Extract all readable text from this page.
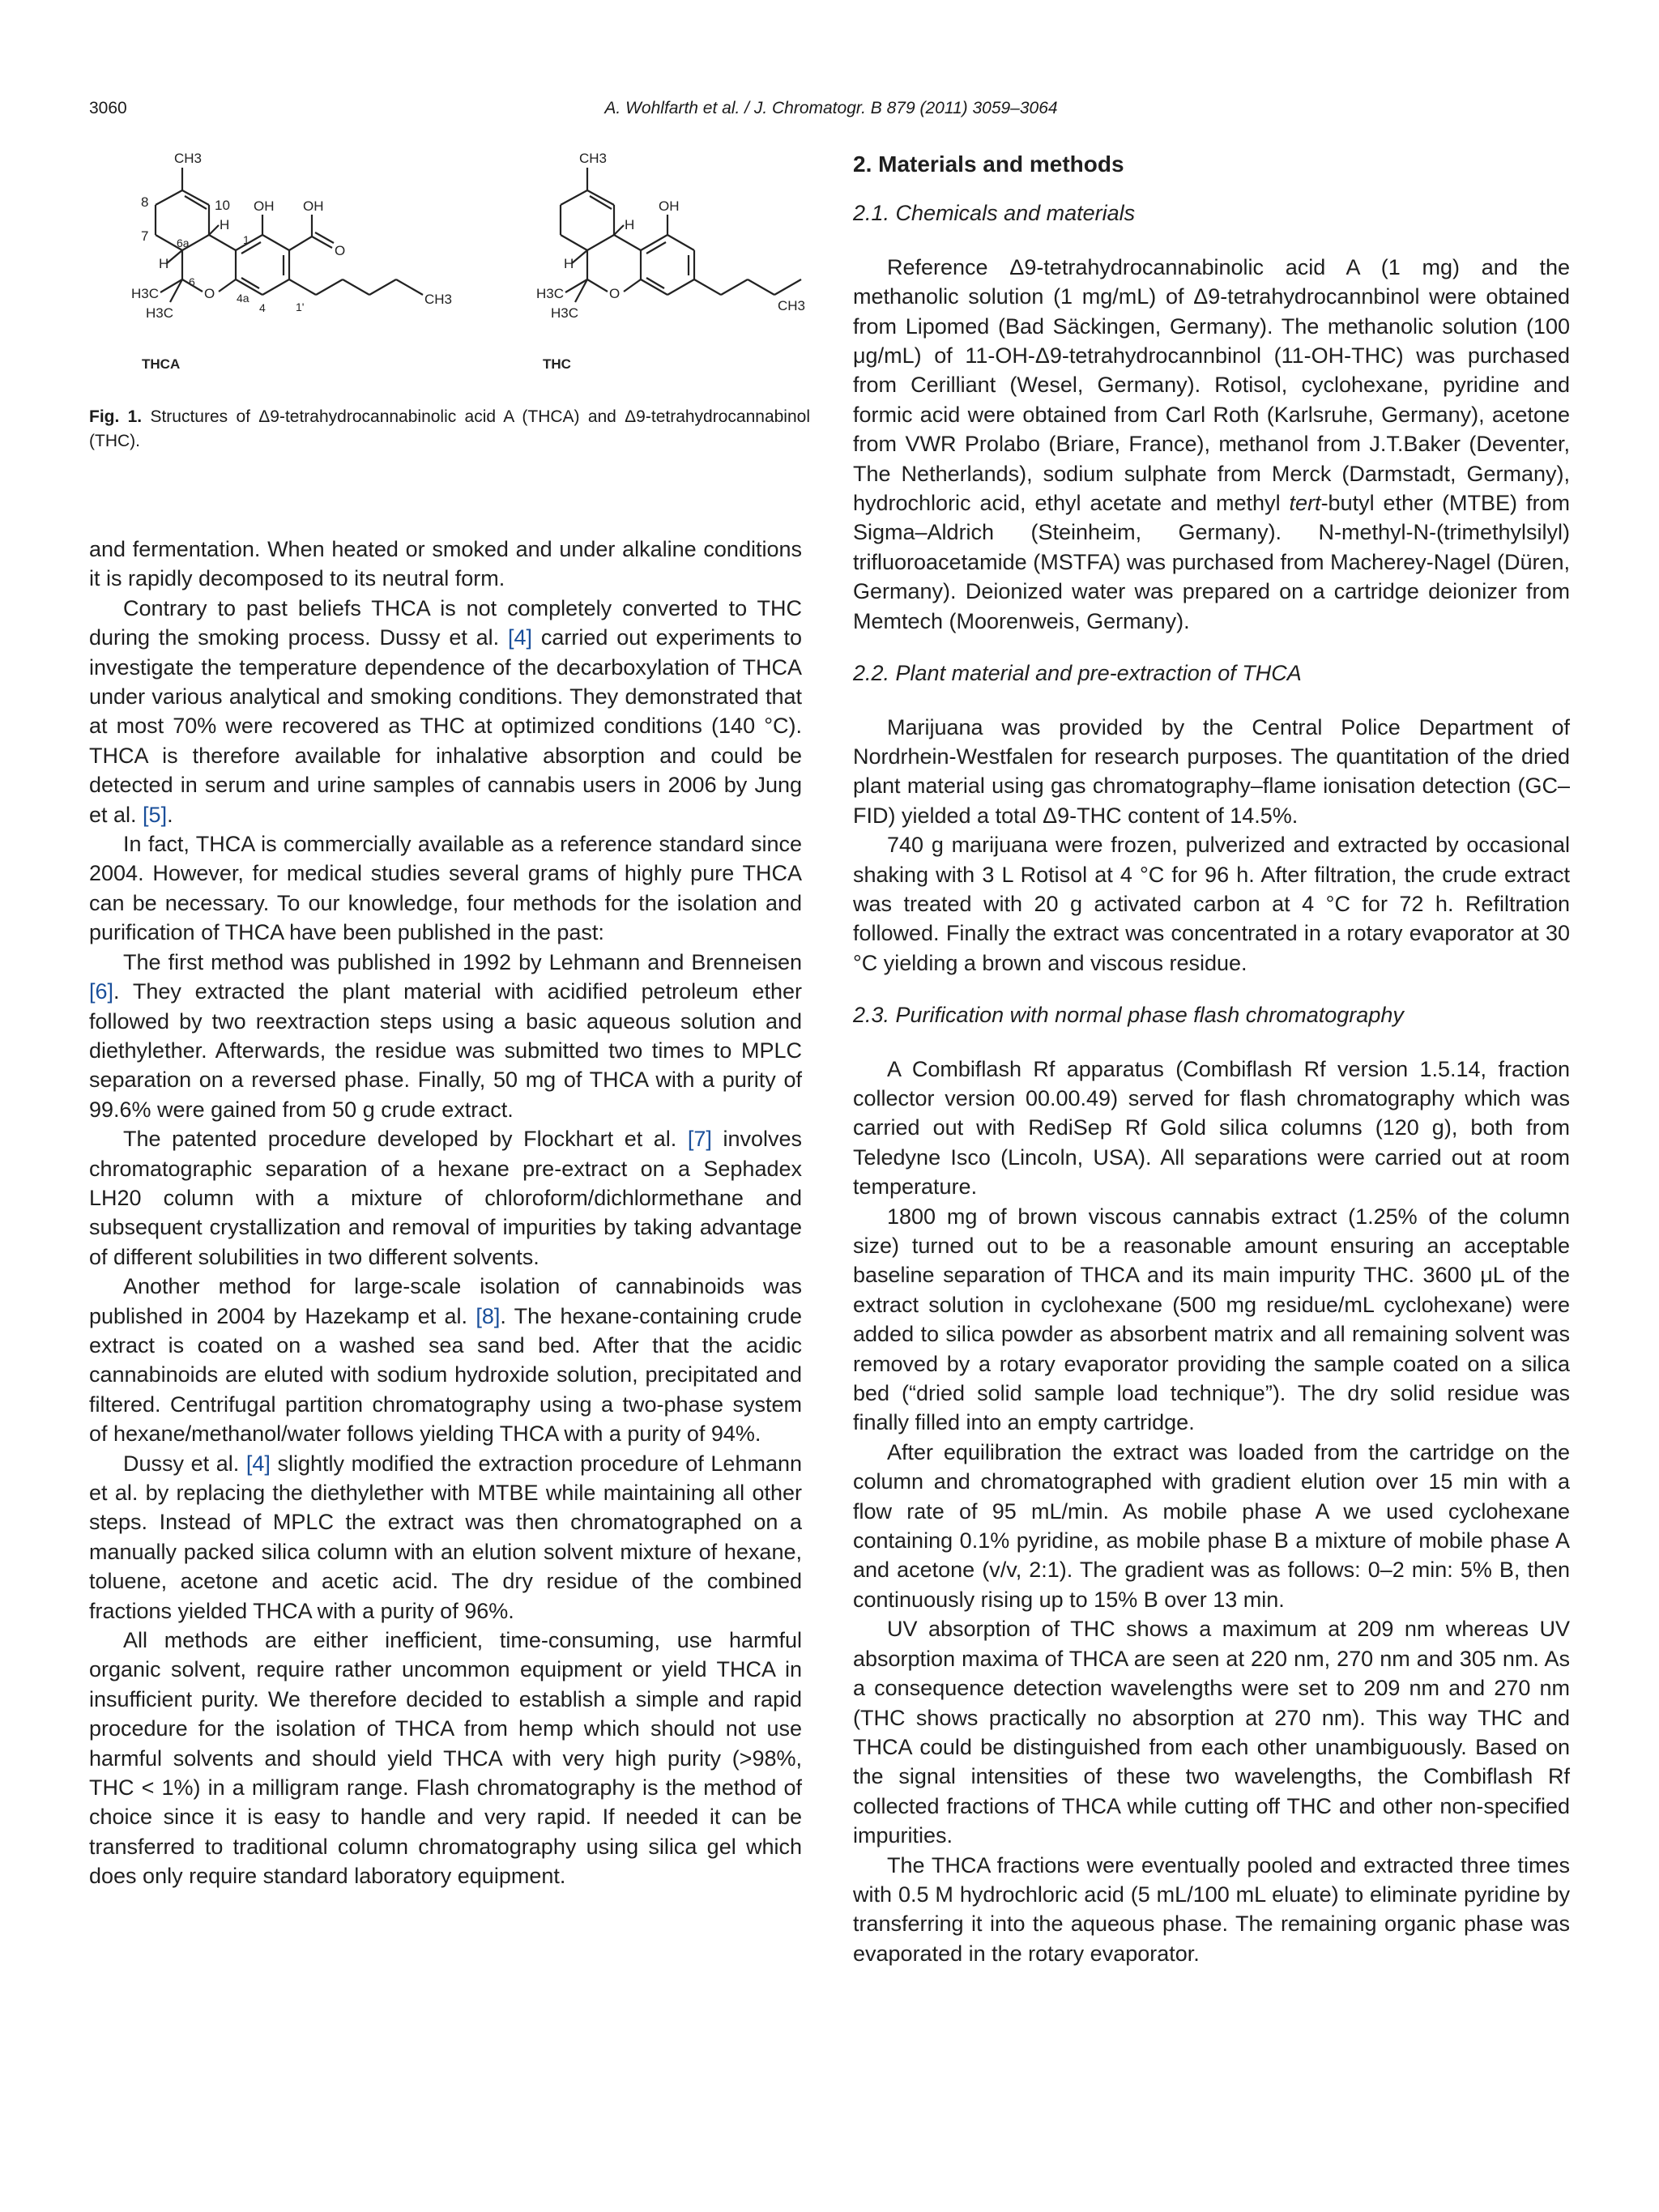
3060	A. Wohlfarth et al. / J. Chromatogr. B 879 (2011) 3059–3064
CH3
10
8
7 6a
H
H
OH
1
OH
O
H3C
6
H3C
O 4a
4	1'	CH3
THCA
CH3
H
OH
H
H3C
H3C
O
CH3
THC
Fig. 1. Structures of Δ9-tetrahydrocannabinolic acid A (THCA) and Δ9-tetrahydrocannabinol (THC).

and fermentation. When heated or smoked and under alkaline conditions it is rapidly decomposed to its neutral form.

Contrary to past beliefs THCA is not completely converted to THC during the smoking process. Dussy et al. [4] carried out experiments to investigate the temperature dependence of the decarboxylation of THCA under various analytical and smoking conditions. They demonstrated that at most 70% were recovered as THC at optimized conditions (140 °C). THCA is therefore available for inhalative absorption and could be detected in serum and urine samples of cannabis users in 2006 by Jung et al. [5].

In fact, THCA is commercially available as a reference standard since 2004. However, for medical studies several grams of highly pure THCA can be necessary. To our knowledge, four methods for the isolation and purification of THCA have been published in the past:

The first method was published in 1992 by Lehmann and Brenneisen [6]. They extracted the plant material with acidified petroleum ether followed by two reextraction steps using a basic aqueous solution and diethylether. Afterwards, the residue was submitted two times to MPLC separation on a reversed phase. Finally, 50 mg of THCA with a purity of 99.6% were gained from 50 g crude extract.

The patented procedure developed by Flockhart et al. [7] involves chromatographic separation of a hexane pre-extract on a Sephadex LH20 column with a mixture of chloroform/dichlormethane and subsequent crystallization and removal of impurities by taking advantage of different solubilities in two different solvents.

Another method for large-scale isolation of cannabinoids was published in 2004 by Hazekamp et al. [8]. The hexane-containing crude extract is coated on a washed sea sand bed. After that the acidic cannabinoids are eluted with sodium hydroxide solution, precipitated and filtered. Centrifugal partition chromatography using a two-phase system of hexane/methanol/water follows yielding THCA with a purity of 94%.

Dussy et al. [4] slightly modified the extraction procedure of Lehmann et al. by replacing the diethylether with MTBE while maintaining all other steps. Instead of MPLC the extract was then chromatographed on a manually packed silica column with an elution solvent mixture of hexane, toluene, acetone and acetic acid. The dry residue of the combined fractions yielded THCA with a purity of 96%.

All methods are either inefficient, time-consuming, use harmful organic solvent, require rather uncommon equipment or yield THCA in insufficient purity. We therefore decided to establish a simple and rapid procedure for the isolation of THCA from hemp which should not use harmful solvents and should yield THCA with very high purity (>98%, THC < 1%) in a milligram range. Flash chromatography is the method of choice since it is easy to handle and very rapid. If needed it can be transferred to traditional column chromatography using silica gel which does only require standard laboratory equipment.

2. Materials and methods
2.1. Chemicals and materials

Reference Δ9-tetrahydrocannabinolic acid A (1 mg) and the methanolic solution (1 mg/mL) of Δ9-tetrahydrocannbinol were obtained from Lipomed (Bad Säckingen, Germany). The methanolic solution (100 μg/mL) of 11-OH-Δ9-tetrahydrocannbinol (11-OH-THC) was purchased from Cerilliant (Wesel, Germany). Rotisol, cyclohexane, pyridine and formic acid were obtained from Carl Roth (Karlsruhe, Germany), acetone from VWR Prolabo (Briare, France), methanol from J.T.Baker (Deventer, The Netherlands), sodium sulphate from Merck (Darmstadt, Germany), hydrochloric acid, ethyl acetate and methyl tert-butyl ether (MTBE) from Sigma–Aldrich (Steinheim, Germany). N-methyl-N-(trimethylsilyl) trifluoroacetamide (MSTFA) was purchased from Macherey-Nagel (Düren, Germany). Deionized water was prepared on a cartridge deionizer from Memtech (Moorenweis, Germany).

2.2. Plant material and pre-extraction of THCA

Marijuana was provided by the Central Police Department of Nordrhein-Westfalen for research purposes. The quantitation of the dried plant material using gas chromatography–flame ionisation detection (GC–FID) yielded a total Δ9-THC content of 14.5%.

740 g marijuana were frozen, pulverized and extracted by occasional shaking with 3 L Rotisol at 4 °C for 96 h. After filtration, the crude extract was treated with 20 g activated carbon at 4 °C for 72 h. Refiltration followed. Finally the extract was concentrated in a rotary evaporator at 30 °C yielding a brown and viscous residue.

2.3. Purification with normal phase flash chromatography

A Combiflash Rf apparatus (Combiflash Rf version 1.5.14, fraction collector version 00.00.49) served for flash chromatography which was carried out with RediSep Rf Gold silica columns (120 g), both from Teledyne Isco (Lincoln, USA). All separations were carried out at room temperature.

1800 mg of brown viscous cannabis extract (1.25% of the column size) turned out to be a reasonable amount ensuring an acceptable baseline separation of THCA and its main impurity THC. 3600 μL of the extract solution in cyclohexane (500 mg residue/mL cyclohexane) were added to silica powder as absorbent matrix and all remaining solvent was removed by a rotary evaporator providing the sample coated on a silica bed (“dried solid sample load technique”). The dry solid residue was finally filled into an empty cartridge.

After equilibration the extract was loaded from the cartridge on the column and chromatographed with gradient elution over 15 min with a flow rate of 95 mL/min. As mobile phase A we used cyclohexane containing 0.1% pyridine, as mobile phase B a mixture of mobile phase A and acetone (v/v, 2:1). The gradient was as follows: 0–2 min: 5% B, then continuously rising up to 15% B over 13 min.

UV absorption of THC shows a maximum at 209 nm whereas UV absorption maxima of THCA are seen at 220 nm, 270 nm and 305 nm. As a consequence detection wavelengths were set to 209 nm and 270 nm (THC shows practically no absorption at 270 nm). This way THC and THCA could be distinguished from each other unambiguously. Based on the signal intensities of these two wavelengths, the Combiflash Rf collected fractions of THCA while cutting off THC and other non-specified impurities.

The THCA fractions were eventually pooled and extracted three times with 0.5 M hydrochloric acid (5 mL/100 mL eluate) to eliminate pyridine by transferring it into the aqueous phase. The remaining organic phase was evaporated in the rotary evaporator.
